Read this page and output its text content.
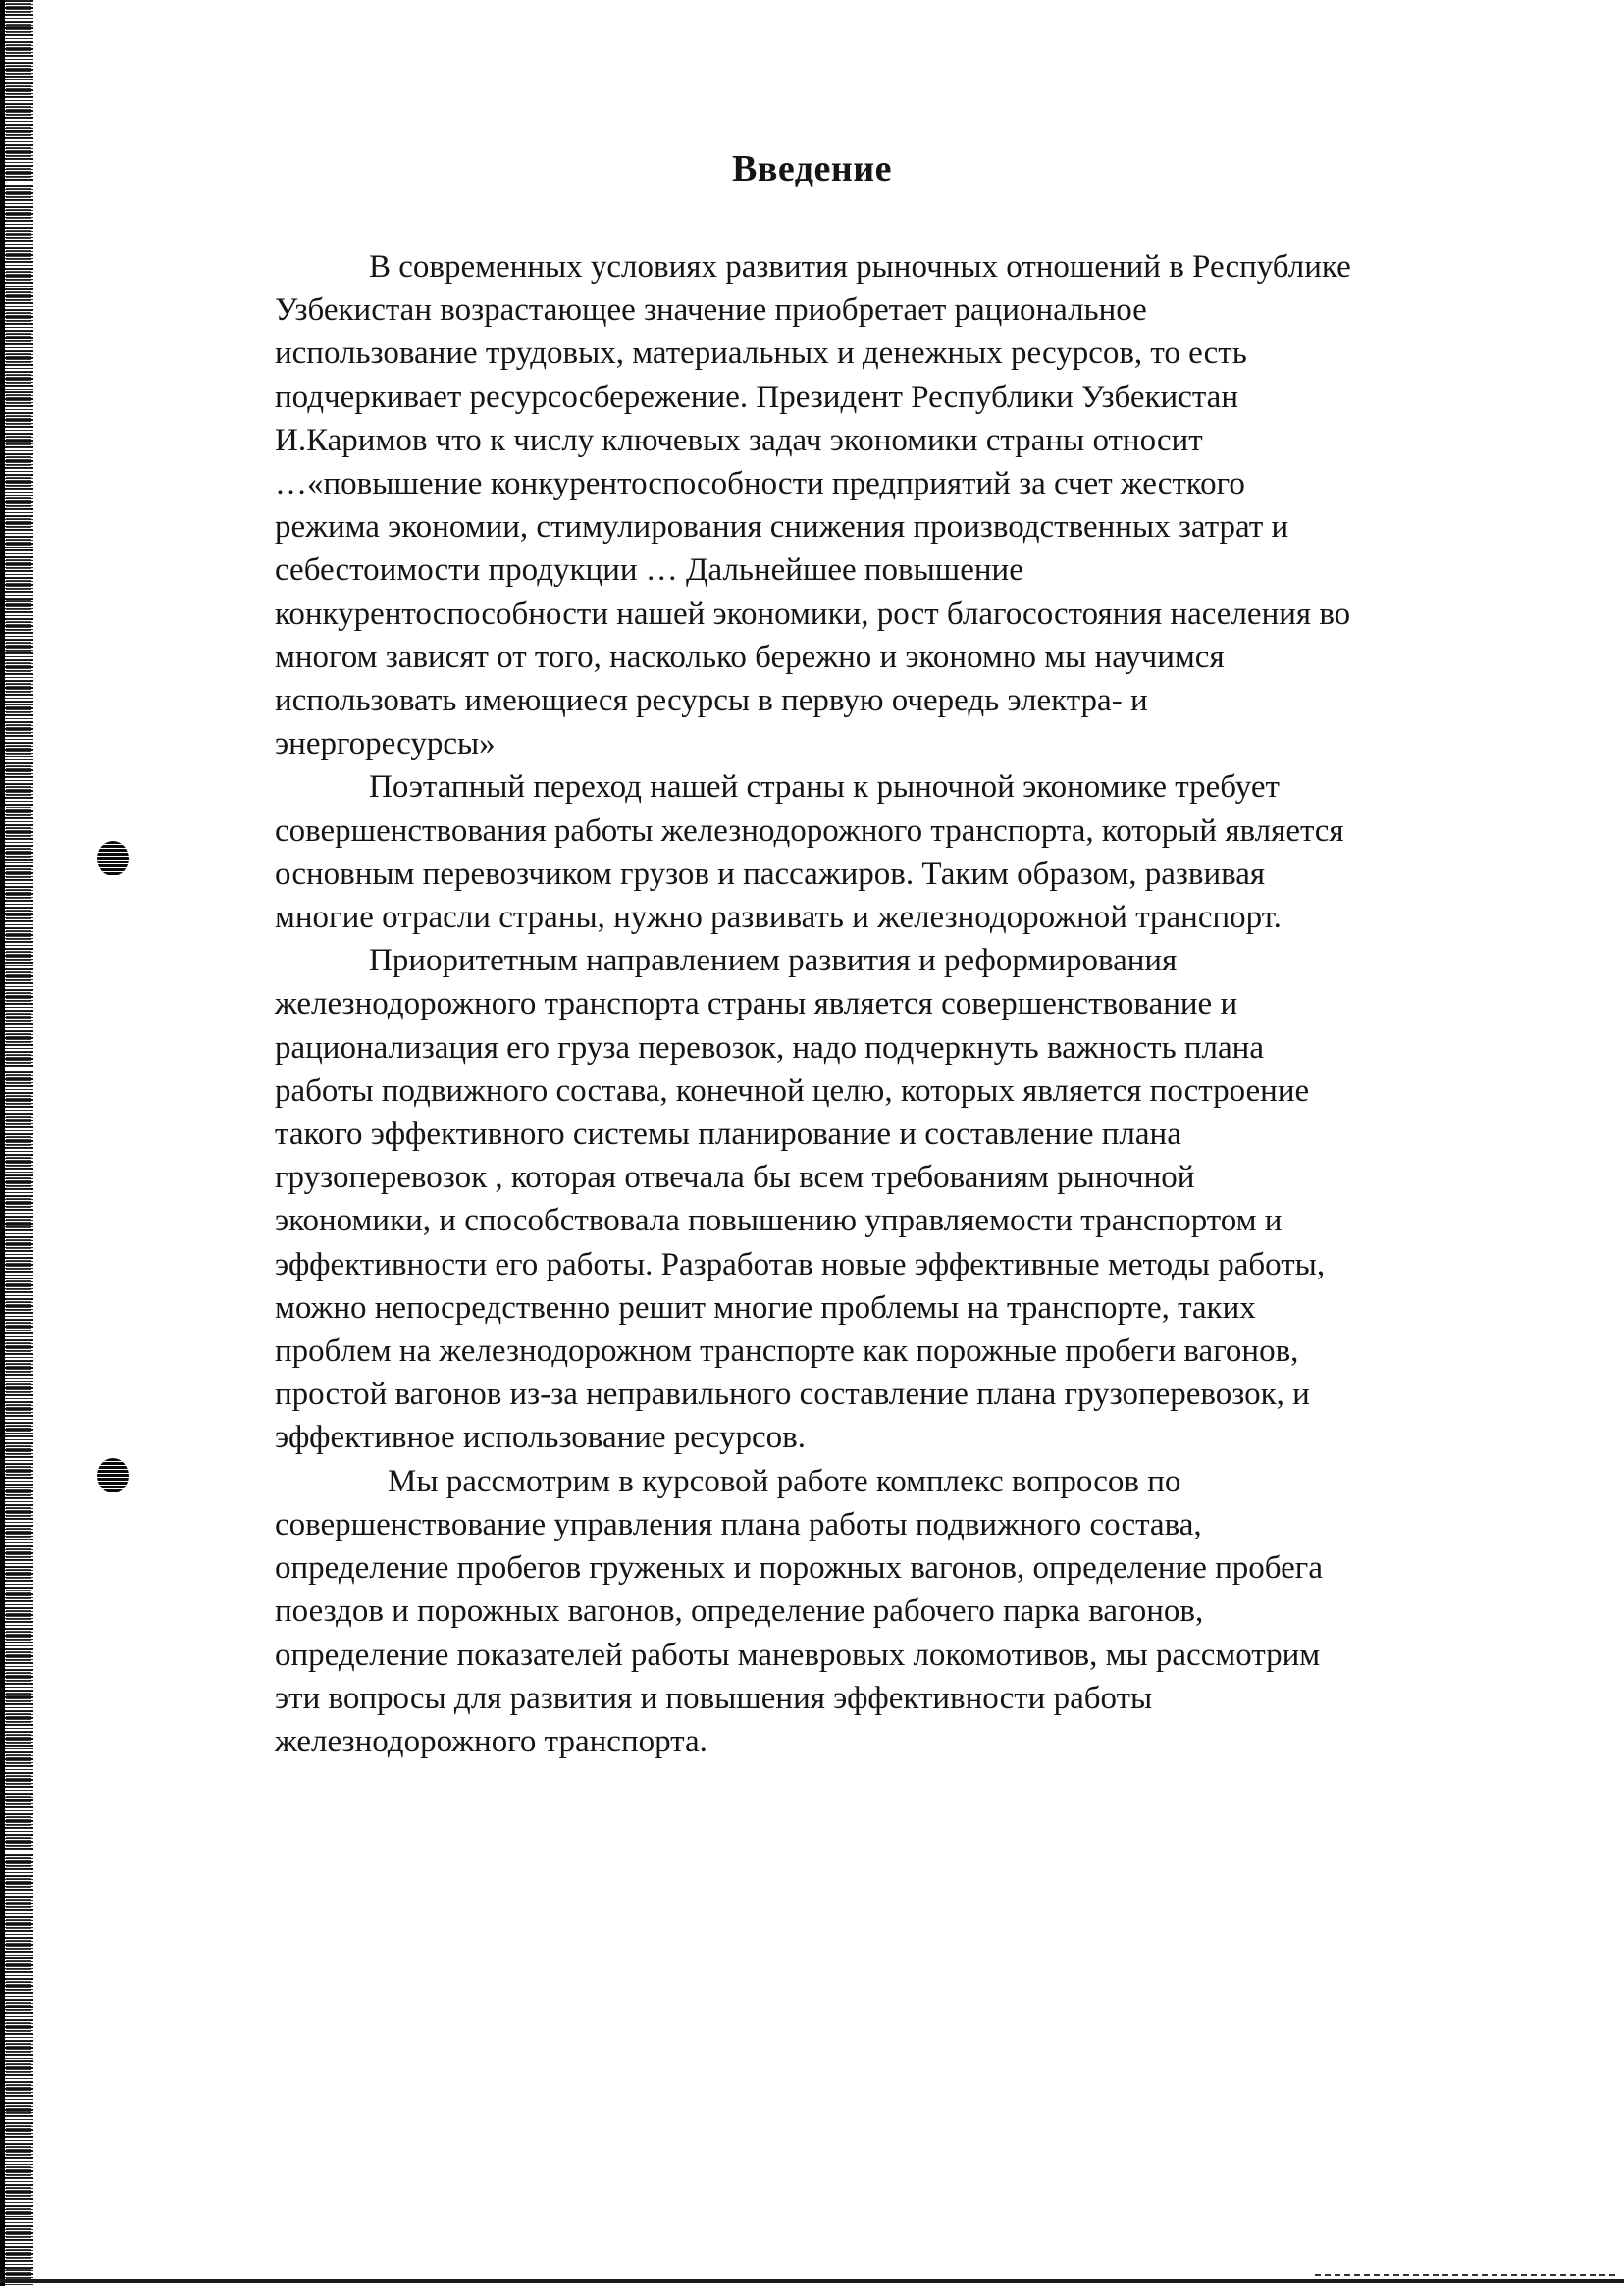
Введение
В современных условиях развития рыночных отношений в Республике
Узбекистан возрастающее значение приобретает рациональное
использование трудовых, материальных и денежных ресурсов, то есть
подчеркивает ресурсосбережение. Президент Республики Узбекистан
И.Каримов что к числу ключевых задач экономики страны относит
…«повышение конкурентоспособности предприятий за счет жесткого
режима экономии, стимулирования снижения производственных затрат и
себестоимости продукции … Дальнейшее повышение
конкурентоспособности нашей экономики, рост благосостояния населения во
многом зависят от того, насколько бережно и экономно мы научимся
использовать имеющиеся ресурсы в первую очередь электра- и
энергоресурсы»
Поэтапный переход нашей страны к рыночной экономике требует
совершенствования работы железнодорожного транспорта, который является
основным перевозчиком грузов и пассажиров. Таким образом, развивая
многие отрасли страны, нужно развивать и железнодорожной транспорт.
Приоритетным направлением развития и реформирования
железнодорожного транспорта страны является совершенствование и
рационализация его груза перевозок, надо подчеркнуть важность плана
работы подвижного состава, конечной целю, которых является построение
такого эффективного системы планирование и составление плана
грузоперевозок , которая отвечала бы всем требованиям рыночной
экономики, и способствовала повышению управляемости транспортом и
эффективности его работы. Разработав новые эффективные методы работы,
можно непосредственно решит многие проблемы на транспорте, таких
проблем на железнодорожном транспорте как порожные пробеги вагонов,
простой вагонов из-за неправильного составление плана грузоперевозок, и
эффективное использование ресурсов.
Мы рассмотрим в курсовой работе комплекс вопросов по
совершенствование управления плана работы подвижного состава,
определение пробегов груженых и порожных вагонов, определение пробега
поездов и порожных вагонов, определение рабочего парка вагонов,
определение показателей работы маневровых локомотивов, мы рассмотрим
эти вопросы для развития и повышения эффективности работы
железнодорожного транспорта.
